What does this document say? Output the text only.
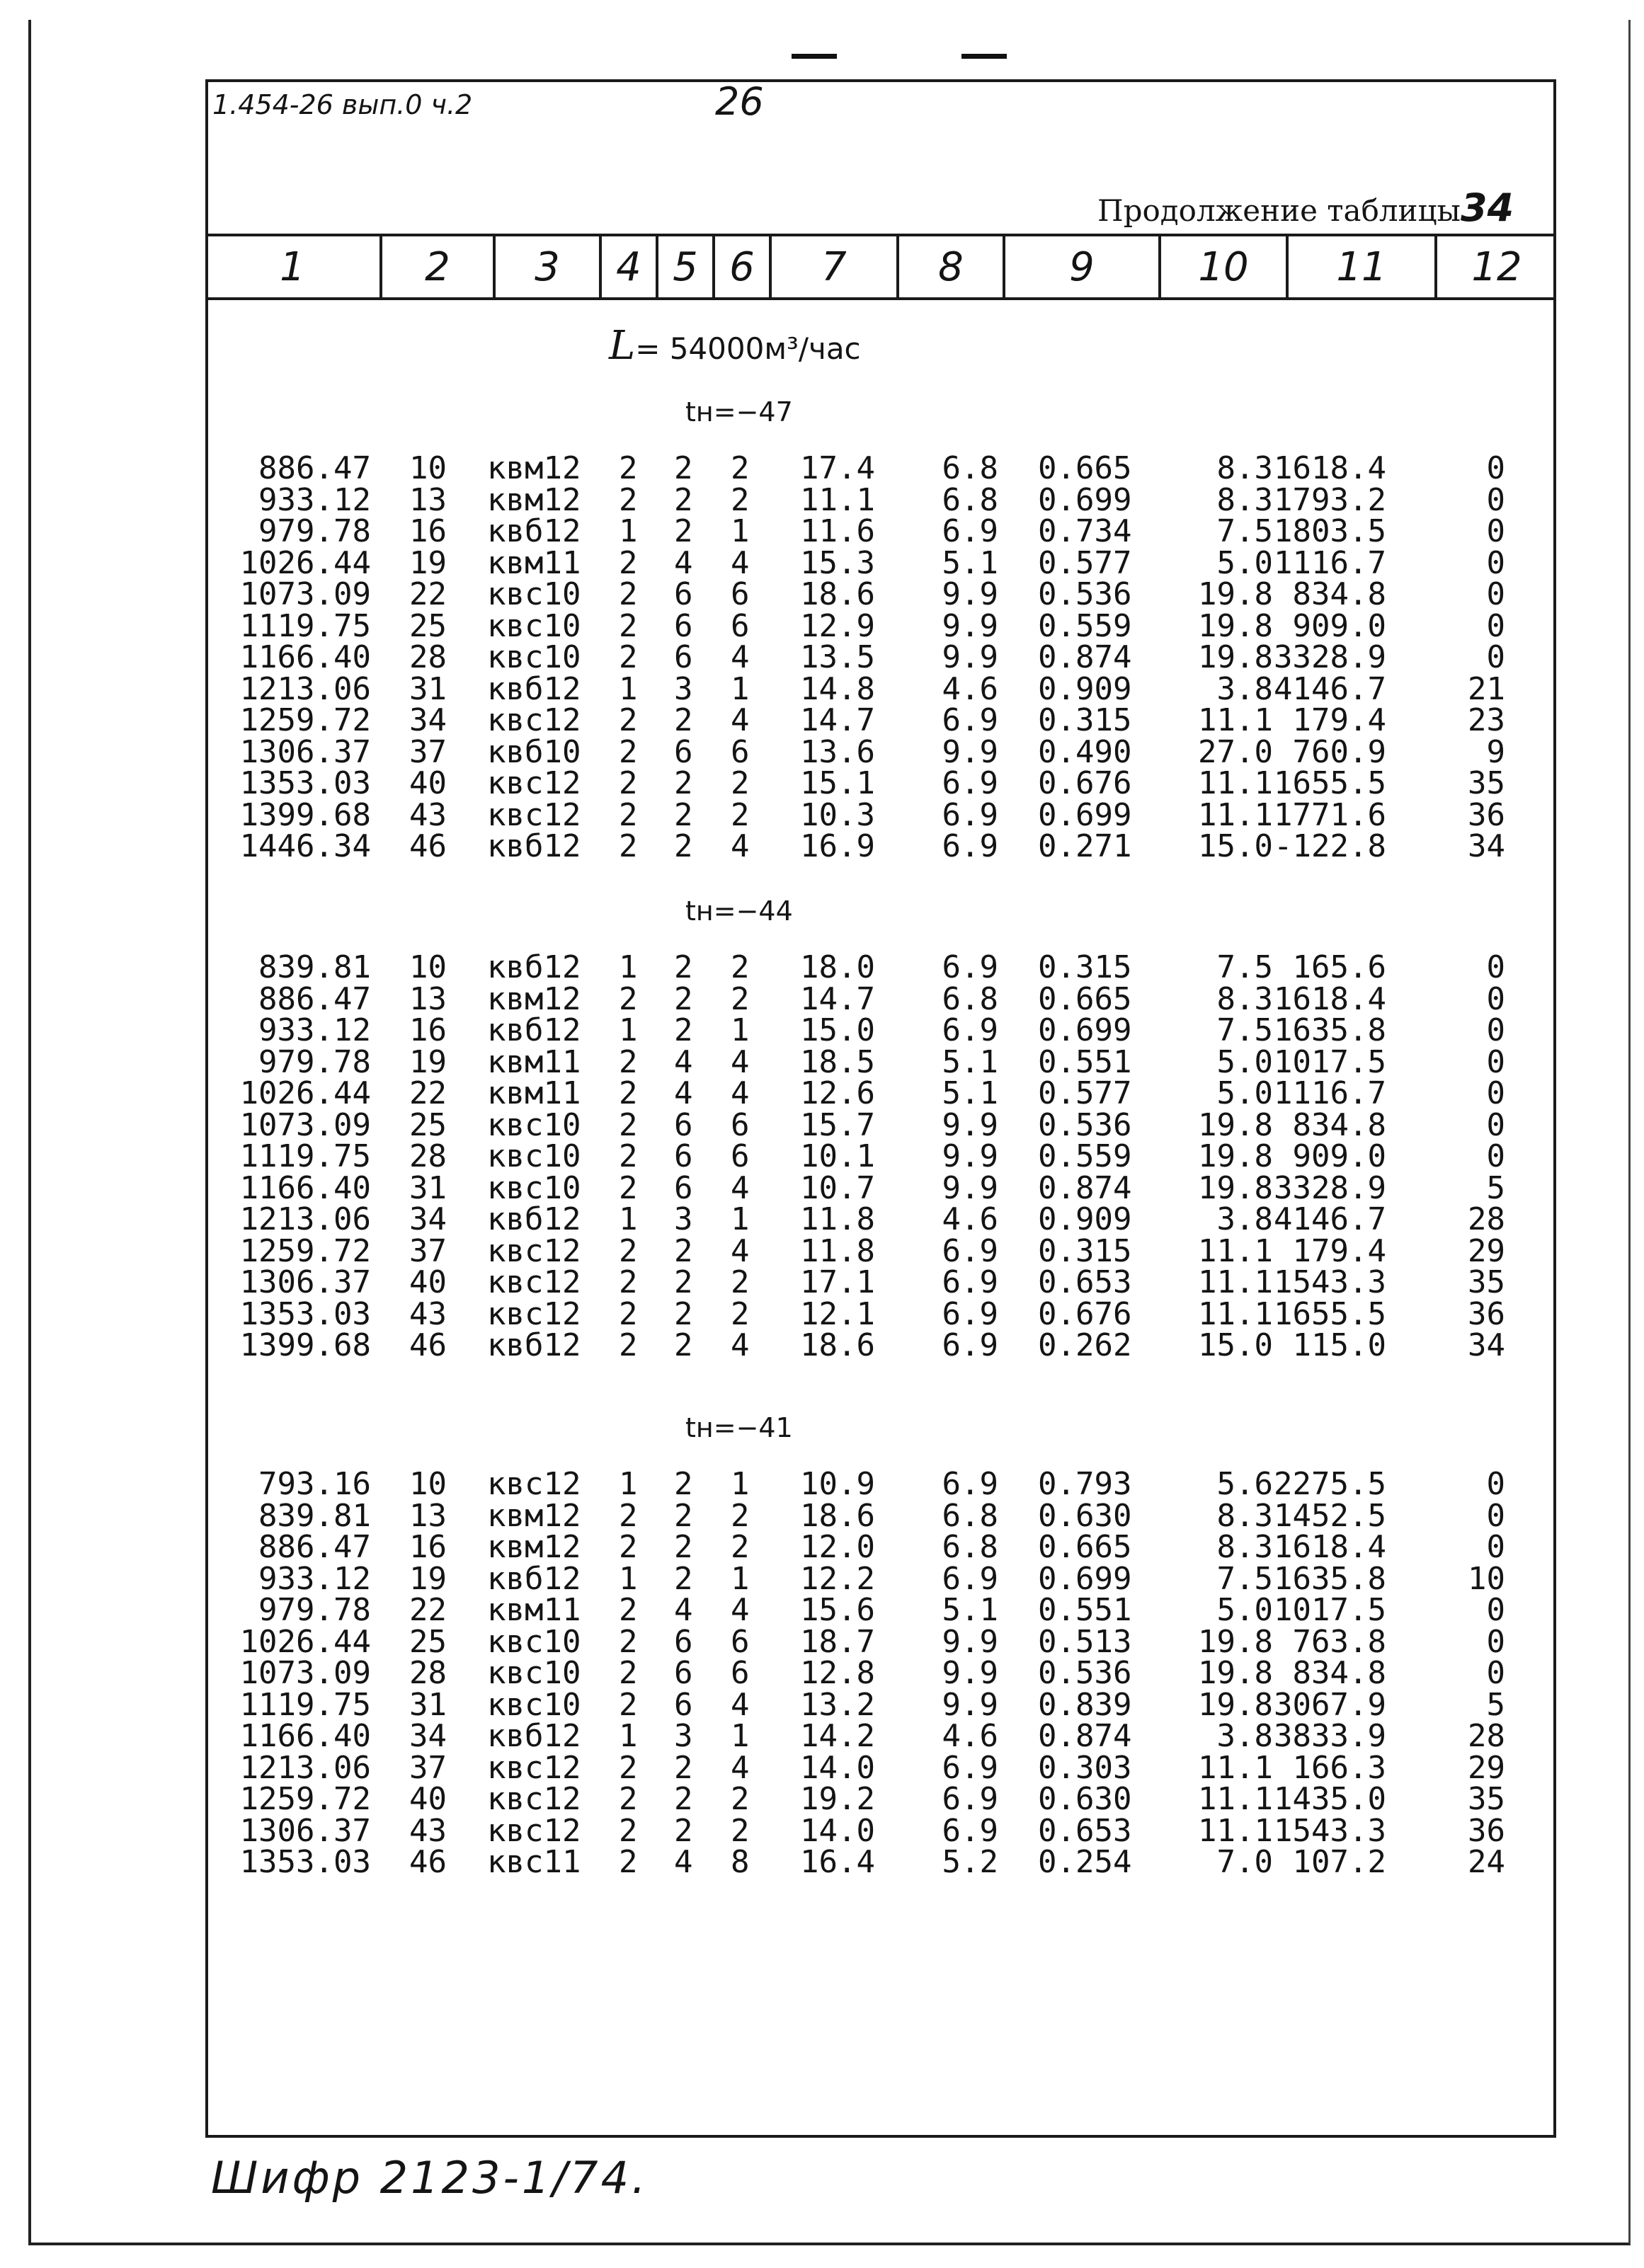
1.454-26 вып.0 ч.2	26
Продолжение таблицы34
1	2	3	4 5 6	7	8	9	10	11	12
L= 54000м³/час
tн=−47
886.47 10 квм12 2 2 2 17.4 6.8 0.665	8.3 1618.4	0
933.12 13 квм12 2 2 2 11.1 6.8 0.699	8.3 1793.2	0
979.78 16 квб12 1 2 1 11.6 6.9 0.734	7.5 1803.5	0
1026.44 19 квм11 2 4 4 15.3 5.1 0.577	5.0 1116.7	0
1073.09 22 квс10 2 6 6 18.6 9.9 0.536 19.8 834.8	0
1119.75 25 квс10 2 6 6 12.9 9.9 0.559 19.8 909.0	0
1166.40 28 квс10 2 6 4 13.5 9.9 0.874 19.8 3328.9	0
1213.06 31 квб12 1 3 1 14.8 4.6 0.909	3.8 4146.7	21
1259.72 34 квс12 2 2 4 14.7 6.9 0.315 11.1 179.4	23
1306.37 37 квб10 2 6 6 13.6 9.9 0.490 27.0 760.9	9
1353.03 40 квс12 2 2 2 15.1 6.9 0.676 11.1 1655.5	35
1399.68 43 квс12 2 2 2 10.3 6.9 0.699 11.1 1771.6	36
1446.34 46 квб12 2 2 4 16.9 6.9 0.271 15.0 -122.8	34
tн=−44
839.81 10 квб12 1 2 2 18.0 6.9 0.315	7.5 165.6	0
886.47 13 квм12 2 2 2 14.7 6.8 0.665	8.3 1618.4	0
933.12 16 квб12 1 2 1 15.0 6.9 0.699	7.5 1635.8	0
979.78 19 квм11 2 4 4 18.5 5.1 0.551	5.0 1017.5	0
1026.44 22 квм11 2 4 4 12.6 5.1 0.577	5.0 1116.7	0
1073.09 25 квс10 2 6 6 15.7 9.9 0.536 19.8 834.8	0
1119.75 28 квс10 2 6 6 10.1 9.9 0.559 19.8 909.0	0
1166.40 31 квс10 2 6 4 10.7 9.9 0.874 19.8 3328.9	5
1213.06 34 квб12 1 3 1 11.8 4.6 0.909	3.8 4146.7	28
1259.72 37 квс12 2 2 4 11.8 6.9 0.315 11.1 179.4	29
1306.37 40 квс12 2 2 2 17.1 6.9 0.653 11.1 1543.3	35
1353.03 43 квс12 2 2 2 12.1 6.9 0.676 11.1 1655.5	36
1399.68 46 квб12 2 2 4 18.6 6.9 0.262 15.0 115.0	34
tн=−41
793.16 10 квс12 1 2 1 10.9 6.9 0.793	5.6 2275.5	0
839.81 13 квм12 2 2 2 18.6 6.8 0.630	8.3 1452.5	0
886.47 16 квм12 2 2 2 12.0 6.8 0.665	8.3 1618.4	0
933.12 19 квб12 1 2 1 12.2 6.9 0.699	7.5 1635.8	10
979.78 22 квм11 2 4 4 15.6 5.1 0.551	5.0 1017.5	0
1026.44 25 квс10 2 6 6 18.7 9.9 0.513 19.8 763.8	0
1073.09 28 квс10 2 6 6 12.8 9.9 0.536 19.8 834.8	0
1119.75 31 квс10 2 6 4 13.2 9.9 0.839 19.8 3067.9	5
1166.40 34 квб12 1 3 1 14.2 4.6 0.874	3.8 3833.9	28
1213.06 37 квс12 2 2 4 14.0 6.9 0.303 11.1 166.3	29
1259.72 40 квс12 2 2 2 19.2 6.9 0.630 11.1 1435.0	35
1306.37 43 квс12 2 2 2 14.0 6.9 0.653 11.1 1543.3	36
1353.03 46 квс11 2 4 8 16.4 5.2 0.254	7.0 107.2	24
Шифр 2123-1/74.
